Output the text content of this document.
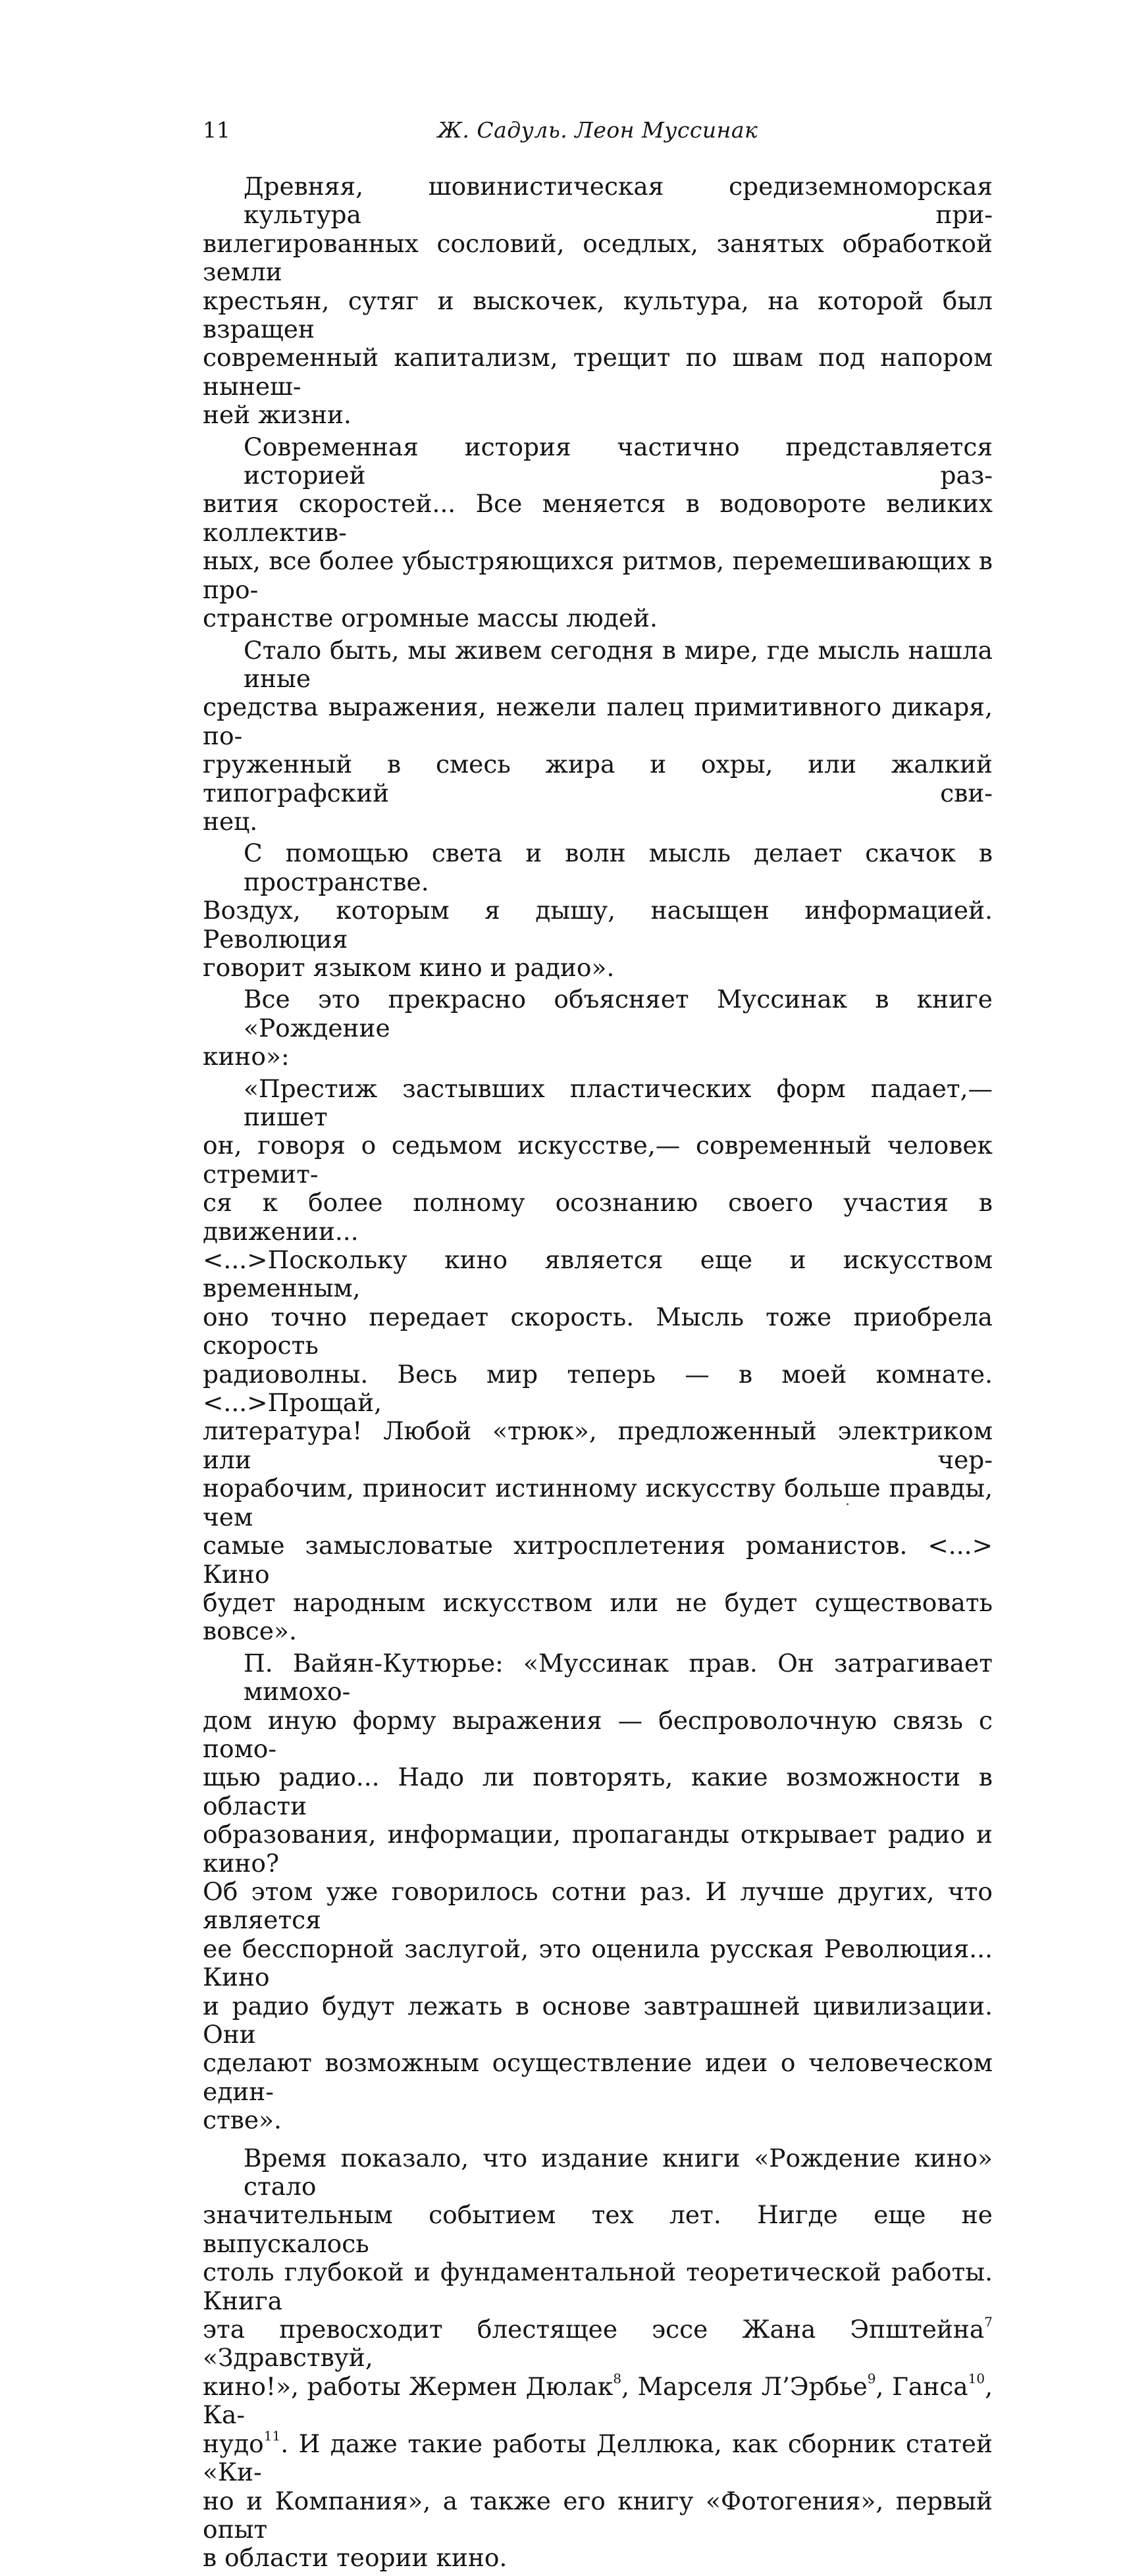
11	Ж. Садуль. Леон Муссинак

Древняя, шовинистическая средиземноморская культура при-
вилегированных сословий, оседлых, занятых обработкой земли
крестьян, сутяг и выскочек, культура, на которой был взращен
современный капитализм, трещит по швам под напором нынеш-
ней жизни.

Современная история частично представляется историей раз-
вития скоростей... Все меняется в водовороте великих коллектив-
ных, все более убыстряющихся ритмов, перемешивающих в про-
странстве огромные массы людей.

Стало быть, мы живем сегодня в мире, где мысль нашла иные
средства выражения, нежели палец примитивного дикаря, по-
груженный в смесь жира и охры, или жалкий типографский сви-
нец.

С помощью света и волн мысль делает скачок в пространстве.
Воздух, которым я дышу, насыщен информацией. Революция
говорит языком кино и радио».

Все это прекрасно объясняет Муссинак в книге «Рождение
кино»:

«Престиж застывших пластических форм падает,— пишет
он, говоря о седьмом искусстве,— современный человек стремит-
ся к более полному осознанию своего участия в движении...
<...>Поскольку кино является еще и искусством временным,
оно точно передает скорость. Мысль тоже приобрела скорость
радиоволны. Весь мир теперь — в моей комнате. <...>Прощай,
литература! Любой «трюк», предложенный электриком или чер-
норабочим, приносит истинному искусству больше правды, чем
самые замысловатые хитросплетения романистов. <...> Кино
будет народным искусством или не будет существовать вовсе».

П. Вайян-Кутюрье: «Муссинак прав. Он затрагивает мимохо-
дом иную форму выражения — беспроволочную связь с помо-
щью радио... Надо ли повторять, какие возможности в области
образования, информации, пропаганды открывает радио и кино?
Об этом уже говорилось сотни раз. И лучше других, что является
ее бесспорной заслугой, это оценила русская Революция... Кино
и радио будут лежать в основе завтрашней цивилизации. Они
сделают возможным осуществление идеи о человеческом един-
стве».

Время показало, что издание книги «Рождение кино» стало
значительным событием тех лет. Нигде еще не выпускалось
столь глубокой и фундаментальной теоретической работы. Книга
эта превосходит блестящее эссе Жана Эпштейна$^7$ «Здравствуй,
кино!», работы Жермен Дюлак$^8$, Марселя Л’Эрбье$^9$, Ганса$^{10}$, Ка-
нудо$^{11}$. И даже такие работы Деллюка, как сборник статей «Ки-
но и Компания», а также его книгу «Фотогения», первый опыт
в области теории кино.
